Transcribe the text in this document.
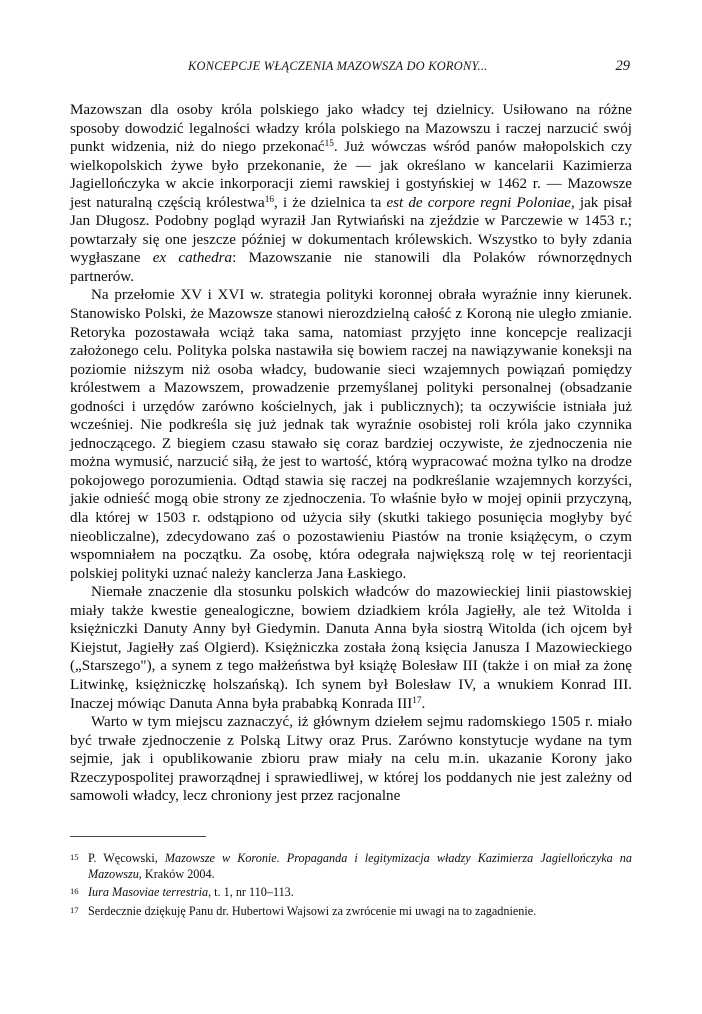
KONCEPCJE WŁĄCZENIA MAZOWSZA DO KORONY...	29

Mazowszan dla osoby króla polskiego jako władcy tej dzielnicy. Usiłowano na różne sposoby dowodzić legalności władzy króla polskiego na Mazowszu i raczej narzucić swój punkt widzenia, niż do niego przekonać$^{15}$. Już wówczas wśród panów małopolskich czy wielkopolskich żywe było przekonanie, że — jak określano w kancelarii Kazimierza Jagiellończyka w akcie inkorporacji ziemi rawskiej i gostyńskiej w 1462 r. — Mazowsze jest naturalną częścią królestwa$^{16}$, i że dzielnica ta est de corpore regni Poloniae, jak pisał Jan Długosz. Podobny pogląd wyraził Jan Rytwiański na zjeździe w Parczewie w 1453 r.; powtarzały się one jeszcze później w dokumentach królewskich. Wszystko to były zdania wygłaszane ex cathedra: Mazowszanie nie stanowili dla Polaków równorzędnych partnerów.

Na przełomie XV i XVI w. strategia polityki koronnej obrała wyraźnie inny kierunek. Stanowisko Polski, że Mazowsze stanowi nierozdzielną całość z Koroną nie uległo zmianie. Retoryka pozostawała wciąż taka sama, natomiast przyjęto inne koncepcje realizacji założonego celu. Polityka polska nastawiła się bowiem raczej na nawiązywanie koneksji na poziomie niższym niż osoba władcy, budowanie sieci wzajemnych powiązań pomiędzy królestwem a Mazowszem, prowadzenie przemyślanej polityki personalnej (obsadzanie godności i urzędów zarówno kościelnych, jak i publicznych); ta oczywiście istniała już wcześniej. Nie podkreśla się już jednak tak wyraźnie osobistej roli króla jako czynnika jednoczącego. Z biegiem czasu stawało się coraz bardziej oczywiste, że zjednoczenia nie można wymusić, narzucić siłą, że jest to wartość, którą wypracować można tylko na drodze pokojowego porozumienia. Odtąd stawia się raczej na podkreślanie wzajemnych korzyści, jakie odnieść mogą obie strony ze zjednoczenia. To właśnie było w mojej opinii przyczyną, dla której w 1503 r. odstąpiono od użycia siły (skutki takiego posunięcia mogłyby być nieobliczalne), zdecydowano zaś o pozostawieniu Piastów na tronie książęcym, o czym wspomniałem na początku. Za osobę, która odegrała największą rolę w tej reorientacji polskiej polityki uznać należy kanclerza Jana Łaskiego.

Niemałe znaczenie dla stosunku polskich władców do mazowieckiej linii piastowskiej miały także kwestie genealogiczne, bowiem dziadkiem króla Jagiełły, ale też Witolda i księżniczki Danuty Anny był Giedymin. Danuta Anna była siostrą Witolda (ich ojcem był Kiejstut, Jagiełły zaś Olgierd). Księżniczka została żoną księcia Janusza I Mazowieckiego („Starszego"), a synem z tego małżeństwa był książę Bolesław III (także i on miał za żonę Litwinkę, księżniczkę holszańską). Ich synem był Bolesław IV, a wnukiem Konrad III. Inaczej mówiąc Danuta Anna była prababką Konrada III$^{17}$.

Warto w tym miejscu zaznaczyć, iż głównym dziełem sejmu radomskiego 1505 r. miało być trwałe zjednoczenie z Polską Litwy oraz Prus. Zarówno konstytucje wydane na tym sejmie, jak i opublikowanie zbioru praw miały na celu m.in. ukazanie Korony jako Rzeczypospolitej praworządnej i sprawiedliwej, w której los poddanych nie jest zależny od samowoli władcy, lecz chroniony jest przez racjonalne

15 P. Węcowski, Mazowsze w Koronie. Propaganda i legitymizacja władzy Kazimierza Jagiellończyka na Mazowszu, Kraków 2004.
16 Iura Masoviae terrestria, t. 1, nr 110–113.
17 Serdecznie dziękuję Panu dr. Hubertowi Wajsowi za zwrócenie mi uwagi na to zagadnienie.
